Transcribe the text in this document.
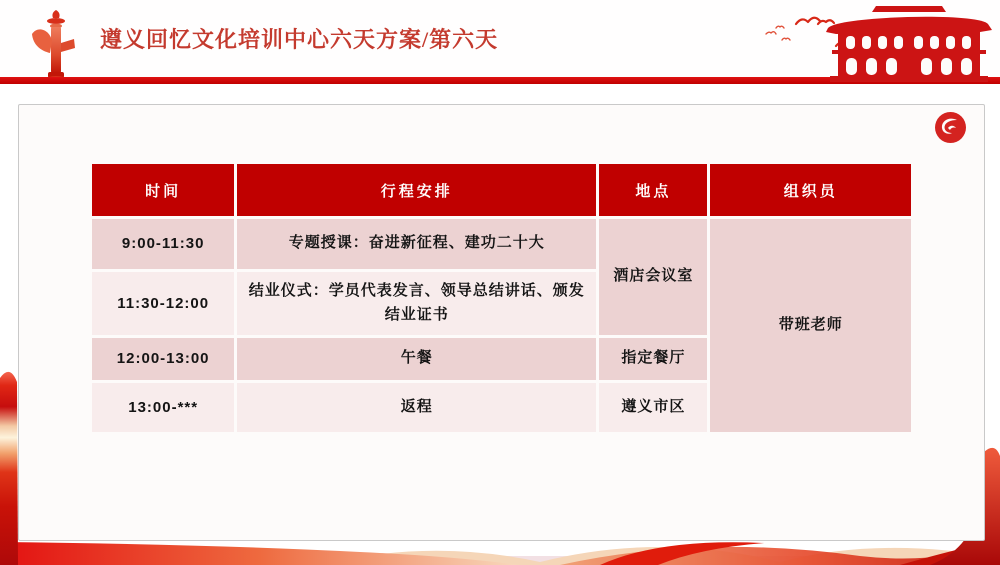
遵义回忆文化培训中心六天方案/第六天
时间	行程安排	地点	组织员
9:00-11:30	专题授课：奋进新征程、建功二十大	酒店会议室	带班老师
11:30-12:00	结业仪式：学员代表发言、领导总结讲话、颁发结业证书		
12:00-13:00	午餐	指定餐厅	
13:00-***	返程	遵义市区	
